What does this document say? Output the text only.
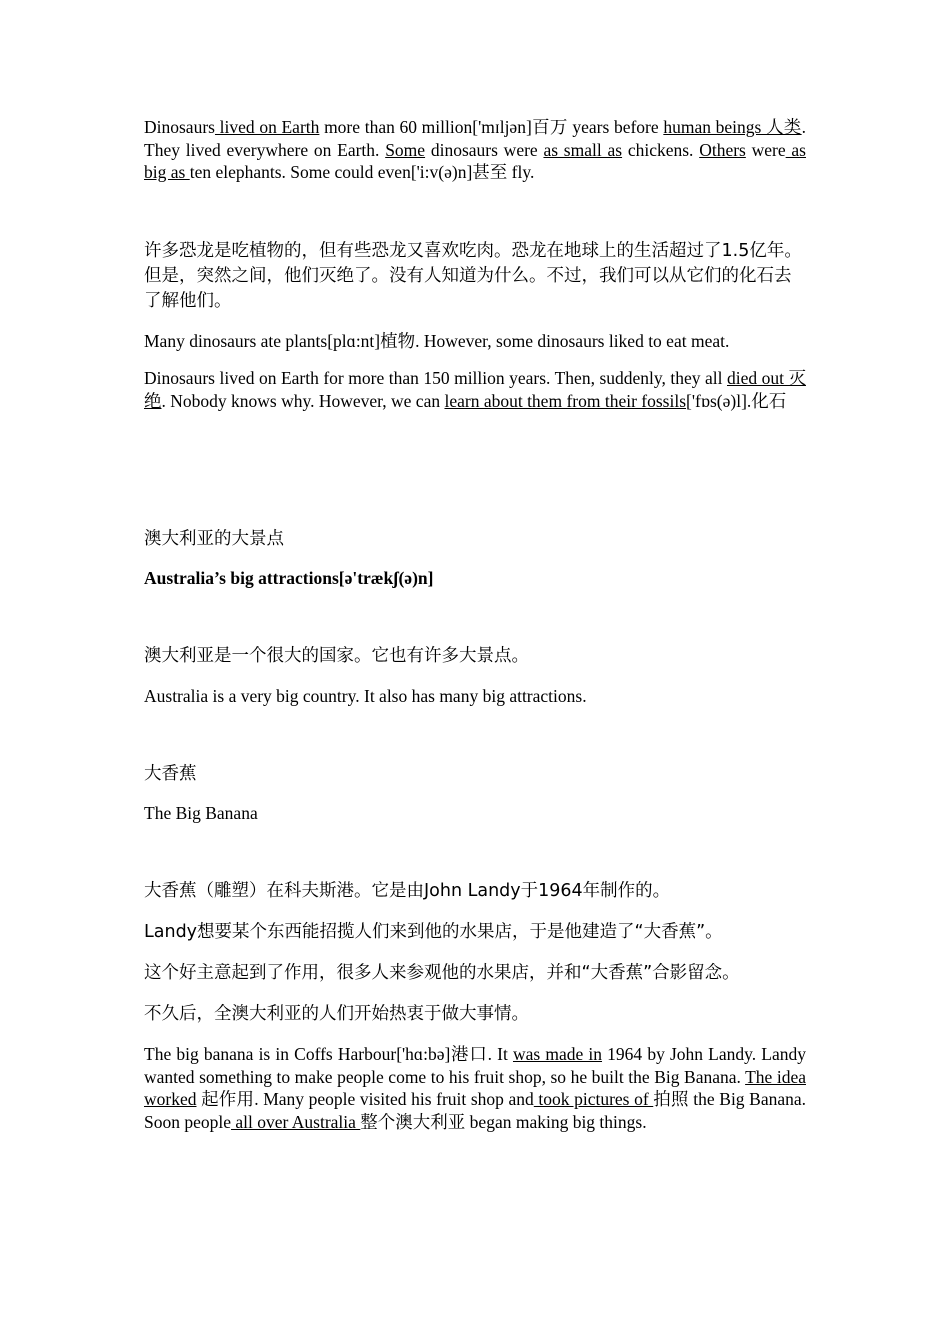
Dinosaurs lived on Earth more than 60 million['mɪljən]百万 years before human beings 人类. They lived everywhere on Earth. Some dinosaurs were as small as chickens. Others were as big as ten elephants. Some could even['i:v(ə)n]甚至 fly.

许多恐龙是吃植物的，但有些恐龙又喜欢吃肉。恐龙在地球上的生活超过了1.5亿年。但是，突然之间，他们灭绝了。没有人知道为什么。不过，我们可以从它们的化石去了解他们。

Many dinosaurs ate plants[plɑ:nt]植物. However, some dinosaurs liked to eat meat.

Dinosaurs lived on Earth for more than 150 million years. Then, suddenly, they all died out 灭绝. Nobody knows why. However, we can learn about them from their fossils['fɒs(ə)l].化石

澳大利亚的大景点

Australia’s big attractions[ə'trækʃ(ə)n]

澳大利亚是一个很大的国家。它也有许多大景点。

Australia is a very big country. It also has many big attractions.

大香蕉

The Big Banana

大香蕉（雕塑）在科夫斯港。它是由John Landy于1964年制作的。

Landy想要某个东西能招揽人们来到他的水果店，于是他建造了“大香蕉”。

这个好主意起到了作用，很多人来参观他的水果店，并和“大香蕉”合影留念。

不久后，全澳大利亚的人们开始热衷于做大事情。

The big banana is in Coffs Harbour['hɑ:bə]港口. It was made in 1964 by John Landy. Landy wanted something to make people come to his fruit shop, so he built the Big Banana. The idea worked 起作用. Many people visited his fruit shop and took pictures of 拍照 the Big Banana. Soon people all over Australia 整个澳大利亚 began making big things.
